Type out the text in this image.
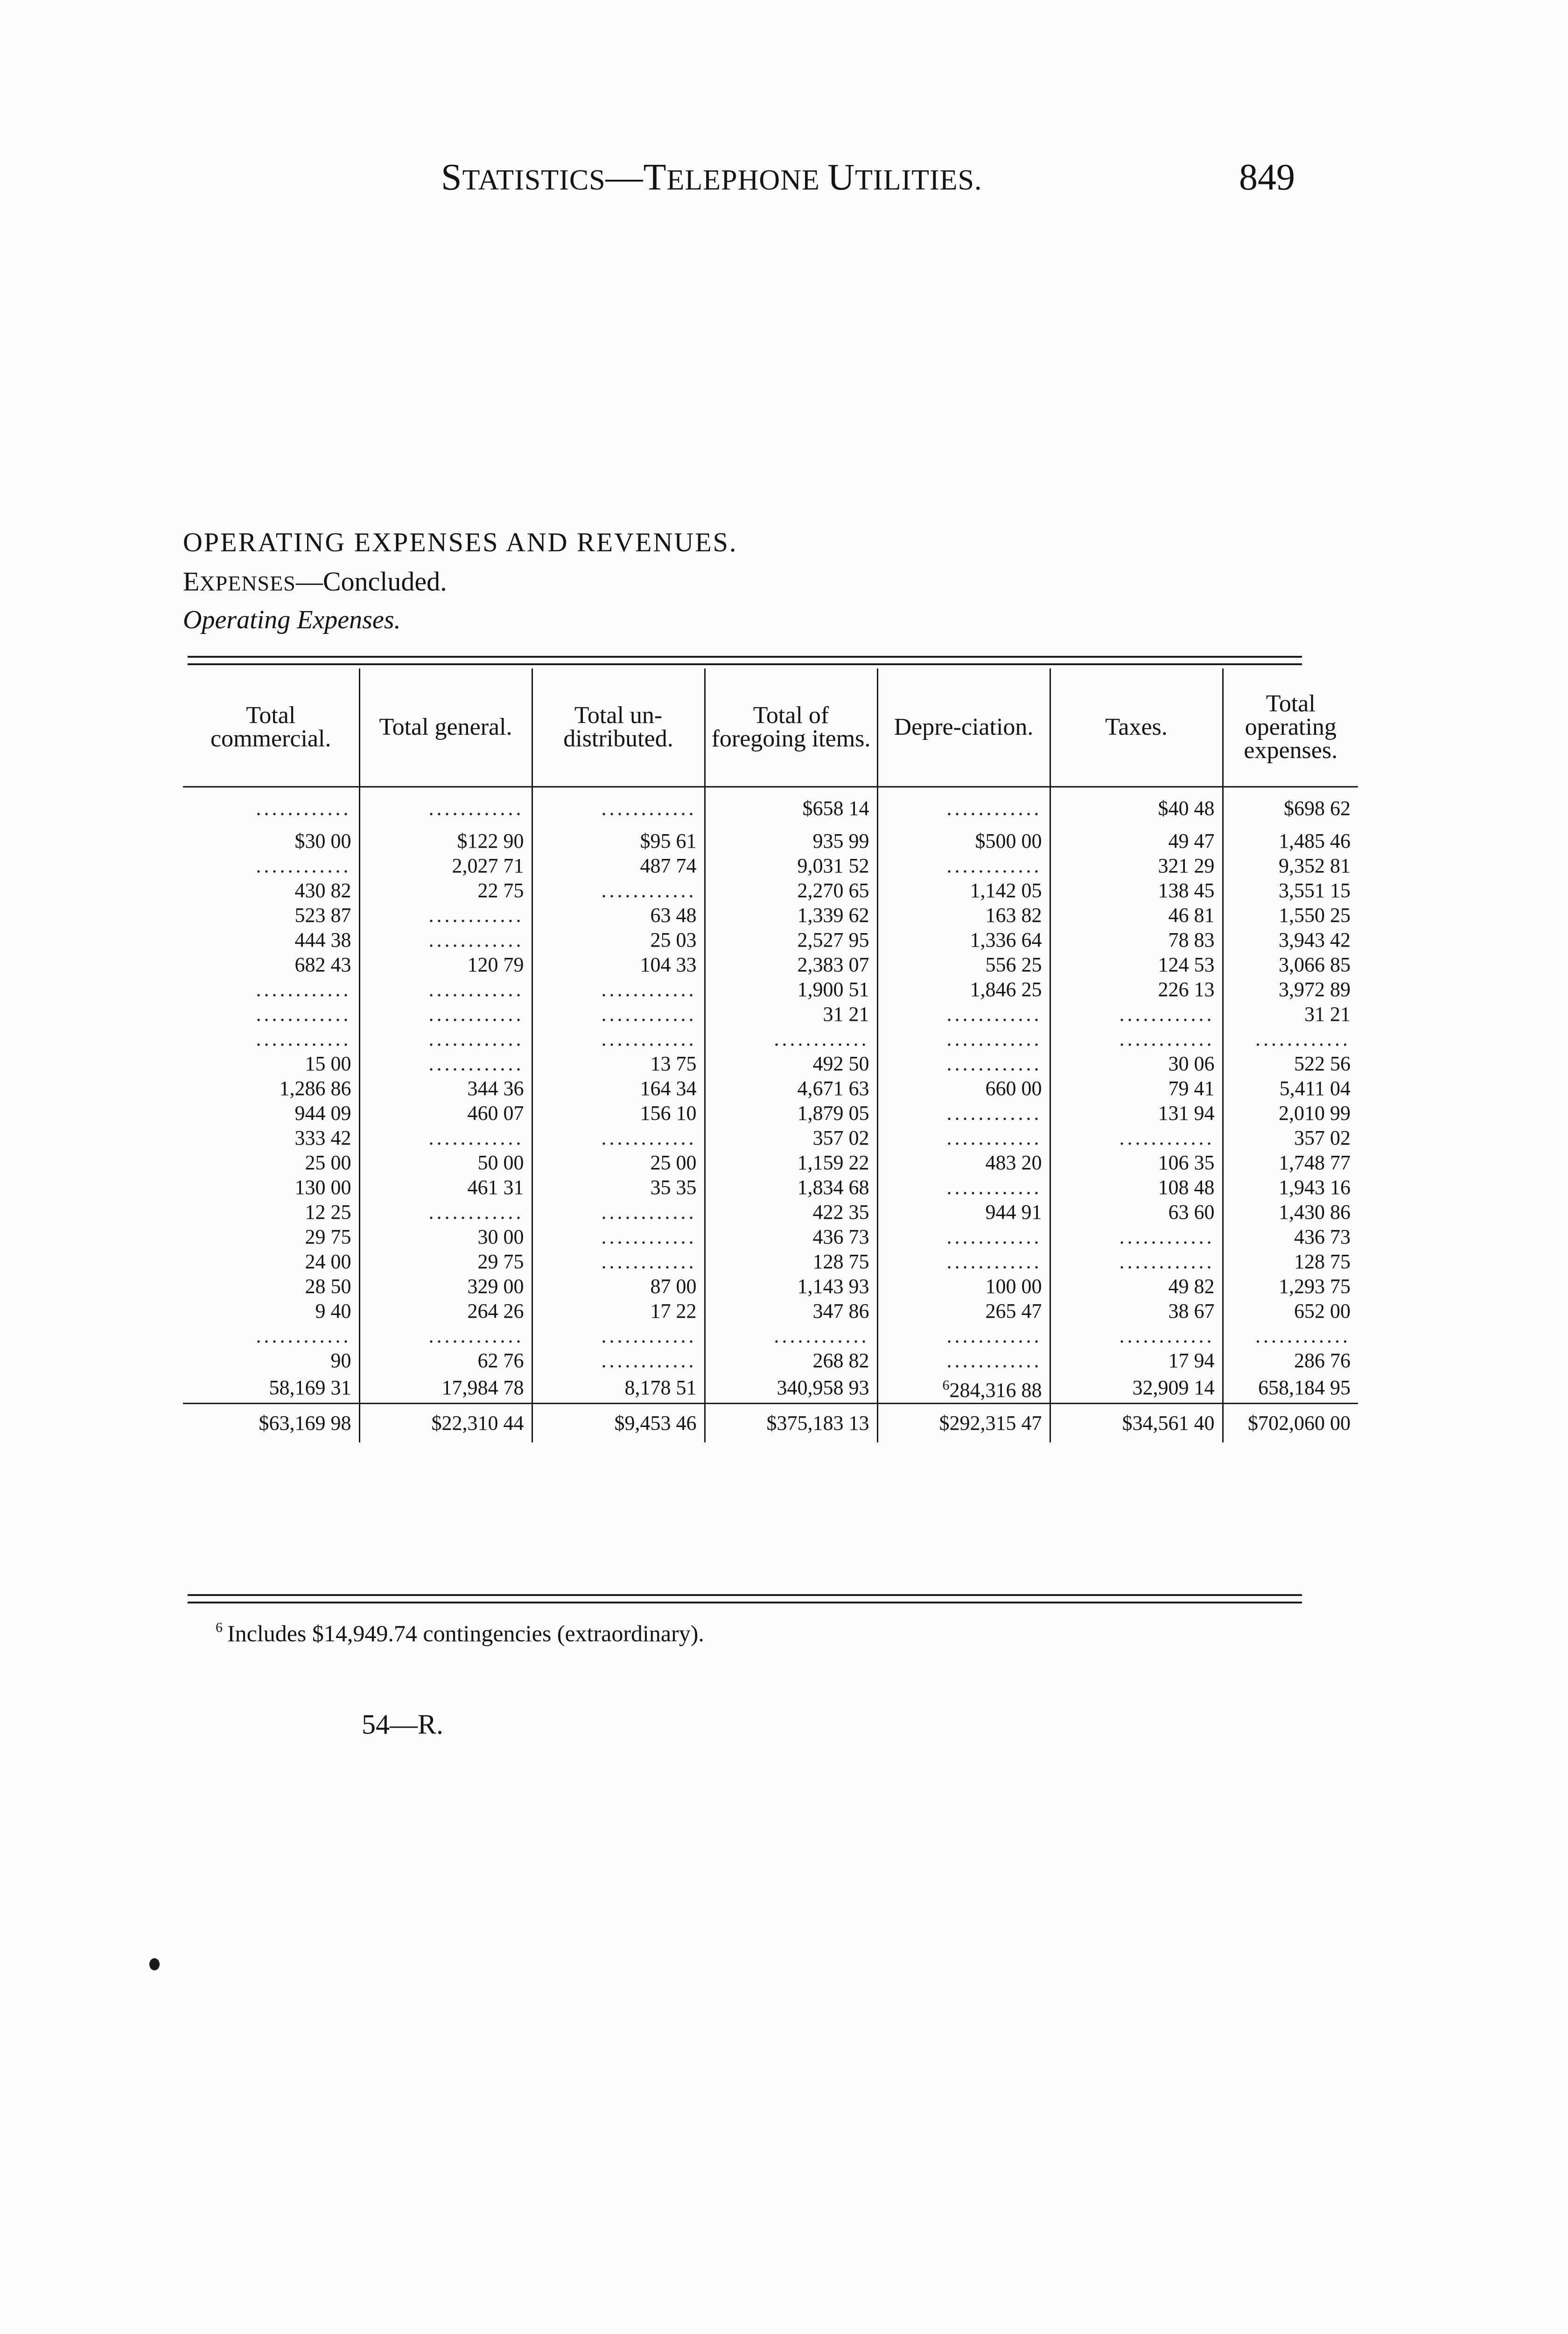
STATISTICS—TELEPHONE UTILITIES.	849
OPERATING EXPENSES AND REVENUES.
EXPENSES—Concluded.
Operating Expenses.
Total commercial.	Total general.	Total un-distributed.	Total of foregoing items.	Depre-ciation.	Taxes.	Total operating expenses.
............	............	............	$658 14	............	$40 48	$698 62
$30 00	$122 90	$95 61	935 99	$500 00	49 47	1,485 46
............	2,027 71	487 74	9,031 52	............	321 29	9,352 81
430 82	22 75	............	2,270 65	1,142 05	138 45	3,551 15
523 87	............	63 48	1,339 62	163 82	46 81	1,550 25
444 38	............	25 03	2,527 95	1,336 64	78 83	3,943 42
682 43	120 79	104 33	2,383 07	556 25	124 53	3,066 85
............	............	............	1,900 51	1,846 25	226 13	3,972 89
............	............	............	31 21	............	............	31 21
............	............	............	............	............	............	............
15 00	............	13 75	492 50	............	30 06	522 56
1,286 86	344 36	164 34	4,671 63	660 00	79 41	5,411 04
944 09	460 07	156 10	1,879 05	............	131 94	2,010 99
333 42	............	............	357 02	............	............	357 02
25 00	50 00	25 00	1,159 22	483 20	106 35	1,748 77
130 00	461 31	35 35	1,834 68	............	108 48	1,943 16
12 25	............	............	422 35	944 91	63 60	1,430 86
29 75	30 00	............	436 73	............	............	436 73
24 00	29 75	............	128 75	............	............	128 75
28 50	329 00	87 00	1,143 93	100 00	49 82	1,293 75
9 40	264 26	17 22	347 86	265 47	38 67	652 00
............	............	............	............	............	............	............
90	62 76	............	268 82	............	17 94	286 76
58,169 31	17,984 78	8,178 51	340,958 93	$^6$284,316 88	32,909 14	658,184 95
$63,169 98	$22,310 44	$9,453 46	$375,183 13	$292,315 47	$34,561 40	$702,060 00
$^6$ Includes $14,949.74 contingencies (extraordinary).
54—R.
